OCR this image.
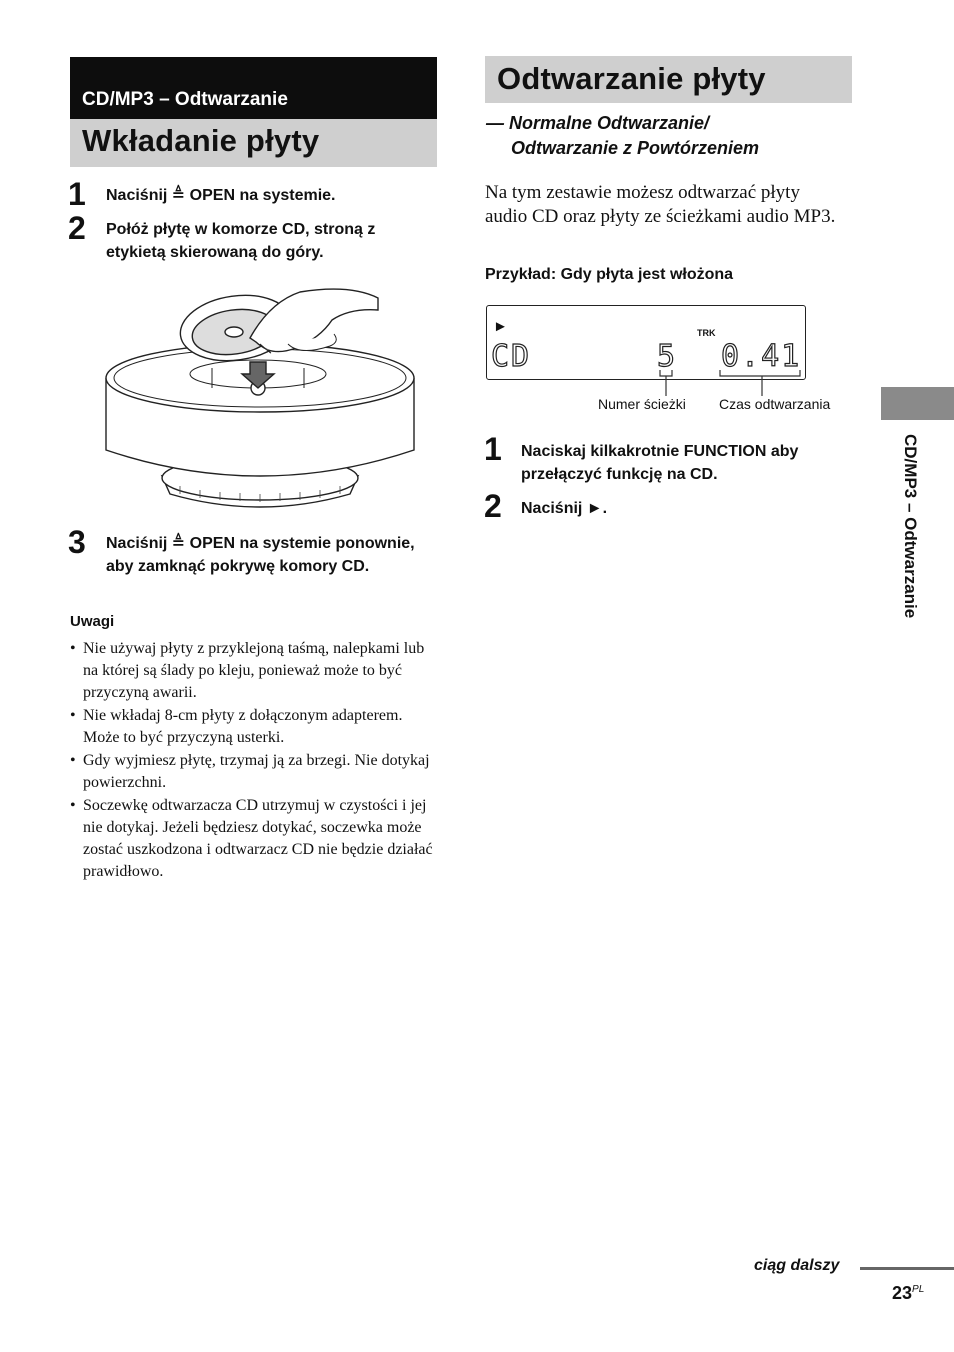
CD/MP3 – Odtwarzanie
Wkładanie płyty
1 Naciśnij ≜ OPEN na systemie.
2 Połóż płytę w komorze CD, stroną z etykietą skierowaną do góry.
3 Naciśnij ≜ OPEN na systemie ponownie, aby zamknąć pokrywę komory CD.
Uwagi
• Nie używaj płyty z przyklejoną taśmą, nalepkami lub na której są ślady po kleju, ponieważ może to być przyczyną awarii.
• Nie wkładaj 8-cm płyty z dołączonym adapterem. Może to być przyczyną usterki.
• Gdy wyjmiesz płytę, trzymaj ją za brzegi. Nie dotykaj powierzchni.
• Soczewkę odtwarzacza CD utrzymuj w czystości i jej nie dotykaj. Jeżeli będziesz dotykać, soczewka może zostać uszkodzona i odtwarzacz CD nie będzie działać prawidłowo.
Odtwarzanie płyty
— Normalne Odtwarzanie/
Odtwarzanie z Powtórzeniem
Na tym zestawie możesz odtwarzać płyty audio CD oraz płyty ze ścieżkami audio MP3.
Przykład: Gdy płyta jest włożona
►	TRK
CD	5 0.41
Numer ścieżki Czas odtwarzania
1 Naciskaj kilkakrotnie FUNCTION aby przełączyć funkcję na CD.
2 Naciśnij ►.	CD/MP3 – Odtwarzanie
ciąg dalszy
$23^{PL}$
